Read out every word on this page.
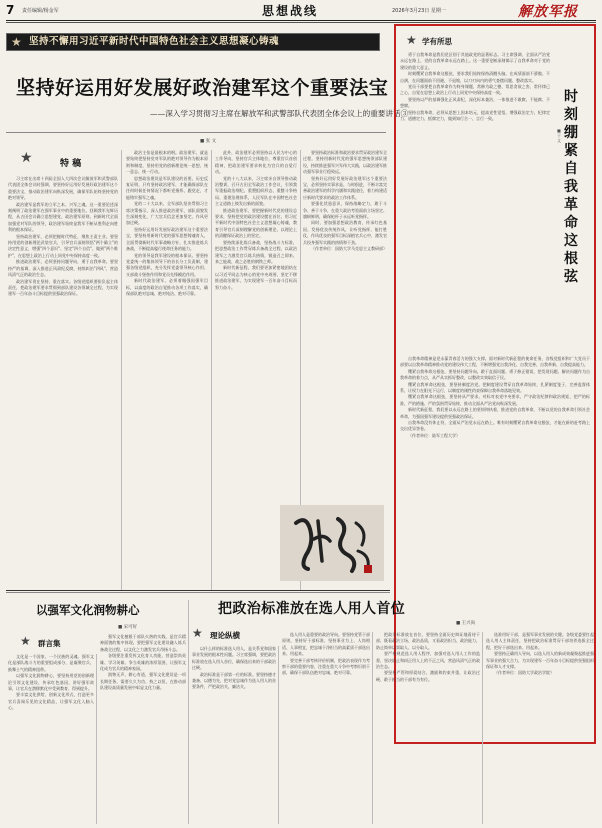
7 责任编辑/杨金军	思想战线	2026年3月23日 星期一	解放军报
★ 坚持不懈用习近平新时代中国特色社会主义思想凝心铸魂
坚持好运用好发展好政治建军这个重要法宝
——深入学习贯彻习主席在解放军和武警部队代表团全体会议上的重要讲话③
■ 张 文
★	特 稿

习主席在出席十四届全国人大四次会议解放军和武警部队代表团全体会议时强调，要坚持好运用好发展好政治建军这个重要法宝，推动政治建军向纵深发展，确保军队始终坚持党的绝对领导。

政治建军是我军的立军之本、兴军之魂。这一重要论述深刻阐明了政治建军在强军事业中的重要地位。回顾我军光辉历程，从古田会议确立思想建党、政治建军原则，到新时代全面加强党对军队的领导，政治建军始终是我军不断从胜利走向胜利的根本保证。

坚持政治建军，必须把握时代特征，聚焦主责主业。要坚持用党的创新理论武装官兵，引导官兵深刻领悟"两个确立"的决定性意义，增强"四个意识"、坚定"四个自信"、做到"两个维护"，在思想上政治上行动上同党中央保持高度一致。

推进政治建军，必须坚持问题导向，勇于自我革命。要坚持严的基调，深入推进正风肃纪反腐，持续纠治"四风"，营造风清气正的政治生态。

政治建军贵在坚持、重在落实。各级党组织要担负起主体责任，把政治建军要求贯彻到部队建设各领域全过程，为实现建军一百年奋斗目标提供坚强政治保证。

政治主张是最根本的纲。政治建军，就是要始终把坚持党对军队的绝对领导作为根本原则和制度，坚持用党的创新理论统一思想、统一意志、统一行动。

思想政治建设是军队建设的首要。历史反复证明，只有坚持政治建军，才能确保部队在任何时候任何情况下都听党指挥、跟党走，才能铸牢强军之魂。

党的二十大以来，全军部队坚决贯彻习主席决策指示，深入推进政治建军，部队面貌发生深刻变化，广大官兵信念更加坚定、作风更加过硬。

坚持好运用好发展好政治建军这个重要法宝，要坚持用新时代党的强军思想铸魂育人，全面贯彻新时代军事战略方针，扎实推进练兵备战，不断提高履行使命任务的能力。

党的领导是我军建设的根本保证。要坚持党委统一的集体领导下的首长分工负责制，建强各级党组织，充分发挥党委领导核心作用、支部战斗堡垒作用和党员先锋模范作用。

新时代政治建军，必须着眼强国强军目标，以高度的政治自觉推动各项工作落实，确保部队绝对忠诚、绝对纯洁、绝对可靠。

此外，政治建军必须坚持以人民为中心的工作导向，坚持官兵主体地位，尊重官兵首创精神，把政治建军要求转化为官兵的自觉行动。

党的十八大以来，习主席亲自领导推动政治整训，召开古田全军政治工作会议，引领我军重振政治纲纪、重塑组织形态、重整斗争格局、重建治理体系，人民军队在中国特色社会主义道路上焕发出新的面貌。

推进政治建军，要把握新时代党的建设总要求，坚持把党的政治建设摆在首位，用习近平新时代中国特色社会主义思想凝心铸魂，教育引导官兵深刻理解党的创新理论，以理论上的清醒保证政治上的坚定。

要持续深化练兵备战，坚持战斗力标准，把思想政治工作贯穿练兵备战全过程，以政治建军之力激发官兵练兵热情，锻造召之即来、来之能战、战之必胜的钢铁之师。

新时代新征程，我们要更加紧密地团结在以习近平同志为核心的党中央周围，坚定不移推进政治建军，为实现建军一百年奋斗目标而努力奋斗。

要坚持政治标准和政治要求贯穿政治建军全过程，坚持用新时代党的强军思想统领部队建设，持续推进强军兴军伟大实践，以政治建军推动强军事业行稳致远。

坚持好运用好发展好政治建军这个重要法宝，必须坚持实事求是、与时俱进，不断丰富完善政治建军的科学内涵和实践途径，着力构建适应新时代要求的政治工作体系。

要强化忧患意识，保持战略定力，敢于斗争、善于斗争，在重大政治考验面前立场坚定、旗帜鲜明，确保枪杆子永远听党指挥。

同时，要加强思想政治教育，传承红色基因，发扬优良传统作风，让听党指挥、能打胜仗、作风优良的强军目标深植官兵心中，激发官兵投身强军实践的热情和干劲。

（作者单位：国防大学马克思主义教研部）

★ 学有所思
时刻绷紧自我革命这根弦
■ 于 文

勇于自我革命是我们党区别于其他政党的显著标志。习主席强调，全面从严治党永远在路上，党的自我革命永远在路上。这一重要论断深刻揭示了自我革命对于党的建设的重大意义。

时刻绷紧自我革命这根弦，要求我们始终保持清醒头脑。在成绩面前不骄傲、不自满，在问题面前不回避、不退缩，以刀刃向内的勇气查摆问题、整改落实。

党员干部要把自我革命作为终身课题，常修为政之德、常思贪欲之害、常怀律己之心，自觉在思想上政治上行动上同党中央保持高度一致。

要坚持以严的基调强化正风肃纪，深化标本兼治，一体推进不敢腐、不能腐、不想腐。

坚持自我革命，必须从思想上固本培元，提高党性觉悟，增强政治定力、纪律定力、道德定力、抵腐定力，做到知行合一、言行一致。

自我革命精神是党永葆青春活力的强大支撑。面对新时代新征程的使命任务，各级党组织和广大党员干部要以自我革命精神推动党的建设伟大工程，不断增强党自我净化、自我完善、自我革新、自我提高能力。

绷紧自我革命这根弦，要坚持问题导向。敢于直面问题、勇于修正错误，把发现问题、解决问题作为自我革命的着力点，从严从实抓好整改，以整改实效取信于民。

绷紧自我革命这根弦，要坚持制度治党。把制度建设贯穿自我革命始终，扎紧制度笼子，完善监督体系，让权力在阳光下运行，以制度的刚性约束保障自我革命落地见效。

绷紧自我革命这根弦，要坚持从严要求。对标对表党中央要求，严守政治纪律和政治规矩，把严的标准、严的措施、严的氛围贯穿始终，推动全面从严治党向纵深发展。

新时代新征程，我们要以永远在路上的坚韧和执着，推进党的自我革命，不断以党的自我革命引领社会革命，为强国强军建设提供坚强政治保证。

自我革命没有休止符，全面从严治党永远在路上。唯有时刻绷紧自我革命这根弦，才能在新的赶考路上交出优异答卷。

（作者单位：陆军工程大学）

以强军文化润物耕心
■ 宋可好
★ 群言集

文化是一个国家、一个民族的灵魂。强军文化是部队战斗力的重要组成部分，是凝聚官兵、鼓舞士气的精神纽带。

以强军文化润物耕心，要坚持用党的创新理论引领文化建设，传承红色基因，讲好强军故事，让官兵在潜移默化中受到教育、得到提升。

要丰富文化供给，创新文化形式，打造更多官兵喜闻乐见的文化精品，让强军文化入脑入心。

强军文化植根于部队火热的实践，是官兵精神面貌的集中体现。要把强军文化建设融入练兵备战全过程，以文化之力激发官兵昂扬斗志。

各级要注重发挥文化育人功能，营造崇尚英雄、学习英雄、争当英雄的浓厚氛围，让强军文化成为官兵的精神家园。

润物无声、耕心有道，强军文化建设是一项长期任务，需要久久为功、持之以恒，在推动部队建设高质量发展中彰显文化力量。

把政治标准放在选人用人首位
■ 王兴尚
★ 理论纵横

以什么样的标准选人用人，是关系党和国家事业发展的根本性问题。习主席强调，要把政治标准放在选人用人首位，确保选出来的干部政治过硬。

政治标准是干部第一位的标准。要坚持德才兼备、以德为先，把对党忠诚作为选人用人的首要条件，严把政治关、廉洁关。

选人用人是重要的政治导向。要坚持党管干部原则，坚持好干部标准，坚持事业为上、人岗相适、人事相宜，把忠诚干净担当的高素质干部选出来、用起来。

要完善干部考核评价机制，把政治表现作为考察干部的重要内容，注重在重大斗争中考察识别干部，确保干部队伍绝对忠诚、绝对可靠。

把政治标准放在首位，要坚持全面历史辩证地看待干部，既看政治立场、政治品质，又看政治担当、政治能力，防止简单以票取人、以分取人。

要严格规范选人用人程序，加强对选人用人工作的监督，坚决防止和纠正用人上的不正之风，营造风清气正的政治生态。

要坚持严管和厚爱结合、激励和约束并重，让政治过硬、敢于担当的干部有为有位。

选准用好干部，是强军事业发展的关键。各级党委要扛起选人用人主体责任，坚持把政治标准贯穿干部培养选拔全过程，把好干部选出来、用起来。

要坚持正确用人导向，以选人用人的新成效凝聚起推进强军事业的强大合力，为实现建军一百年奋斗目标提供坚强组织保证和人才支撑。

（作者单位：国防大学政治学院）
